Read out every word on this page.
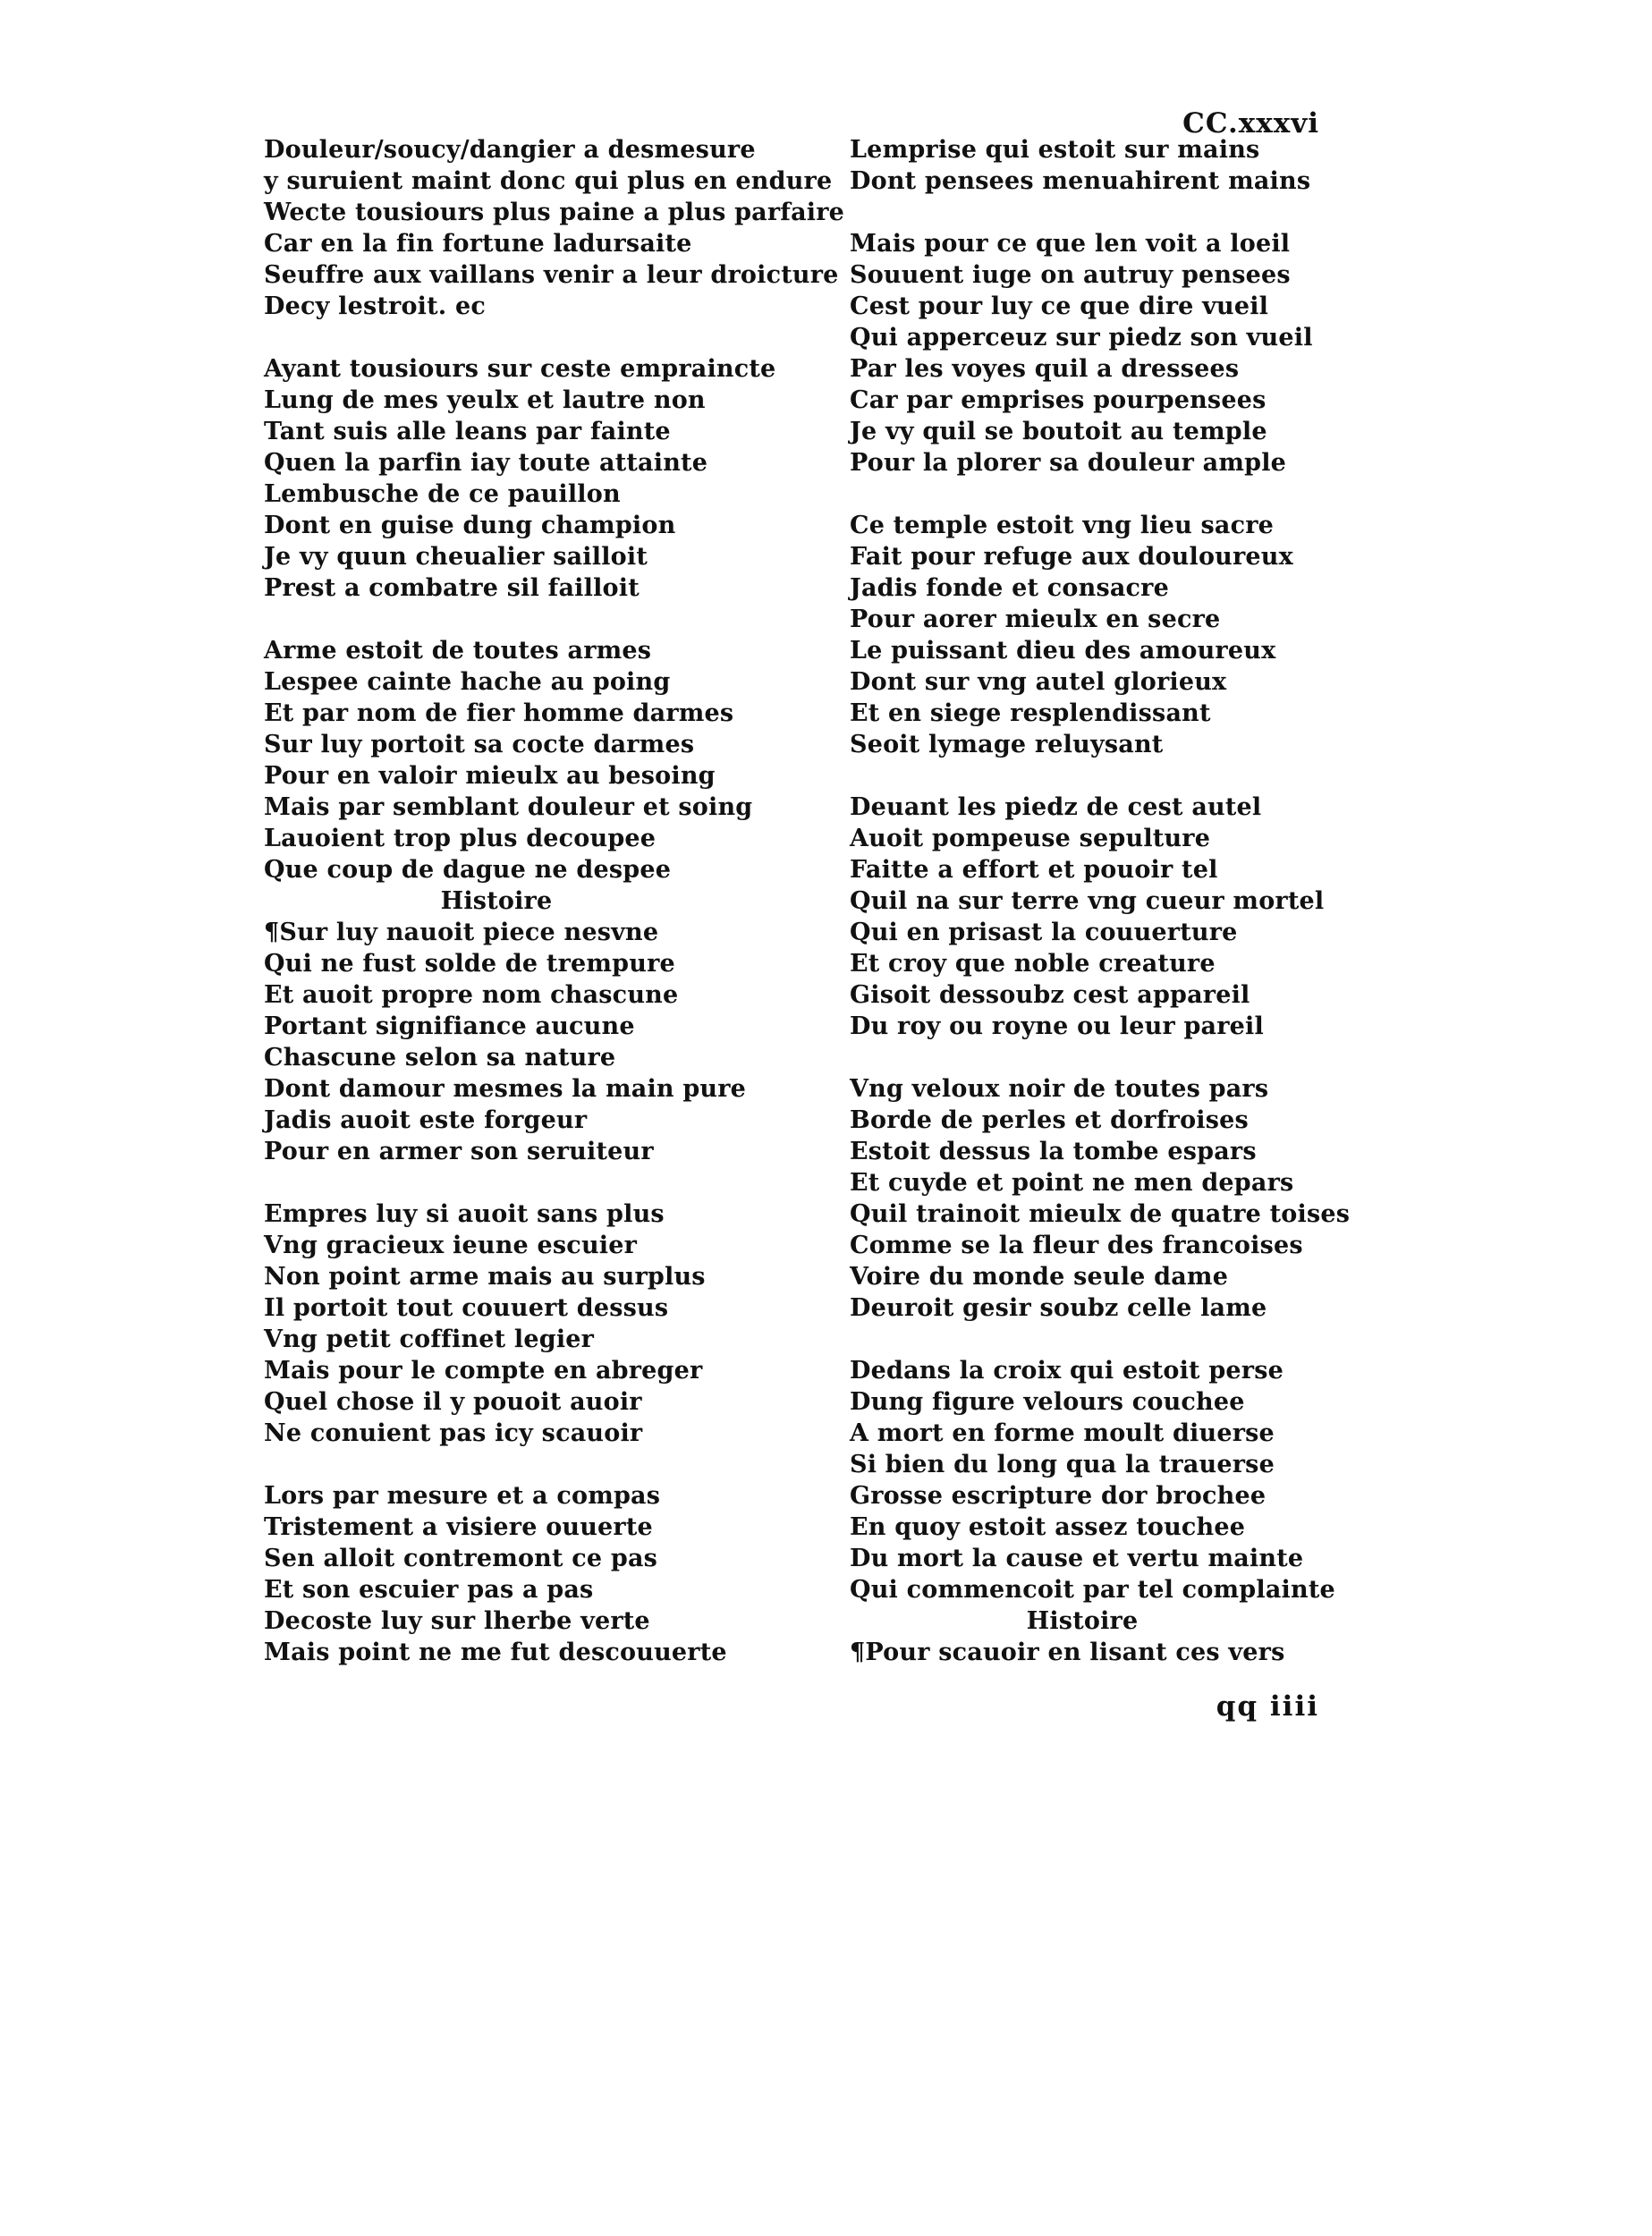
CC.xxxvi
Douleur/soucy/dangier a desmesure
y suruient maint donc qui plus en endure
Wecte tousiours plus paine a plus parfaire
Car en la fin fortune ladursaite
Seuffre aux vaillans venir a leur droicture
Decy lestroit. ec
Ayant tousiours sur ceste empraincte
Lung de mes yeulx et lautre non
Tant suis alle leans par fainte
Quen la parfin iay toute attainte
Lembusche de ce pauillon
Dont en guise dung champion
Je vy quun cheualier sailloit
Prest a combatre sil failloit
Arme estoit de toutes armes
Lespee cainte hache au poing
Et par nom de fier homme darmes
Sur luy portoit sa cocte darmes
Pour en valoir mieulx au besoing
Mais par semblant douleur et soing
Lauoient trop plus decoupee
Que coup de dague ne despee
Histoire
¶Sur luy nauoit piece nesvne
Qui ne fust solde de trempure
Et auoit propre nom chascune
Portant signifiance aucune
Chascune selon sa nature
Dont damour mesmes la main pure
Jadis auoit este forgeur
Pour en armer son seruiteur
Empres luy si auoit sans plus
Vng gracieux ieune escuier
Non point arme mais au surplus
Il portoit tout couuert dessus
Vng petit coffinet legier
Mais pour le compte en abreger
Quel chose il y pouoit auoir
Ne conuient pas icy scauoir
Lors par mesure et a compas
Tristement a visiere ouuerte
Sen alloit contremont ce pas
Et son escuier pas a pas
Decoste luy sur lherbe verte
Mais point ne me fut descouuerte
Lemprise qui estoit sur mains
Dont pensees menuahirent mains
Mais pour ce que len voit a loeil
Souuent iuge on autruy pensees
Cest pour luy ce que dire vueil
Qui apperceuz sur piedz son vueil
Par les voyes quil a dressees
Car par emprises pourpensees
Je vy quil se boutoit au temple
Pour la plorer sa douleur ample
Ce temple estoit vng lieu sacre
Fait pour refuge aux douloureux
Jadis fonde et consacre
Pour aorer mieulx en secre
Le puissant dieu des amoureux
Dont sur vng autel glorieux
Et en siege resplendissant
Seoit lymage reluysant
Deuant les piedz de cest autel
Auoit pompeuse sepulture
Faitte a effort et pouoir tel
Quil na sur terre vng cueur mortel
Qui en prisast la couuerture
Et croy que noble creature
Gisoit dessoubz cest appareil
Du roy ou royne ou leur pareil
Vng veloux noir de toutes pars
Borde de perles et dorfroises
Estoit dessus la tombe espars
Et cuyde et point ne men depars
Quil trainoit mieulx de quatre toises
Comme se la fleur des francoises
Voire du monde seule dame
Deuroit gesir soubz celle lame
Dedans la croix qui estoit perse
Dung figure velours couchee
A mort en forme moult diuerse
Si bien du long qua la trauerse
Grosse escripture dor brochee
En quoy estoit assez touchee
Du mort la cause et vertu mainte
Qui commencoit par tel complainte
Histoire
¶Pour scauoir en lisant ces vers
qq iiii
